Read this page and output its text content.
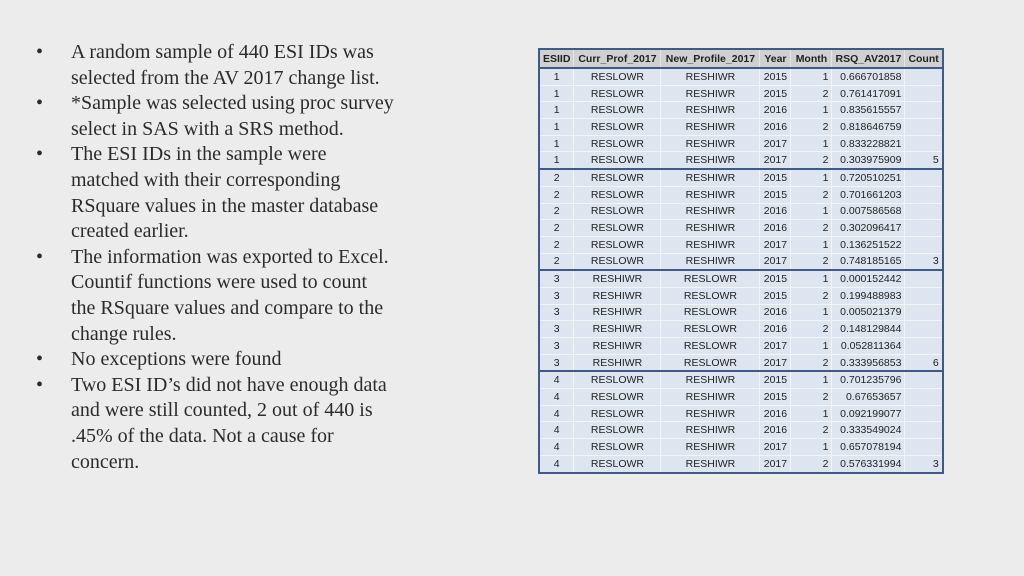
• A random sample of 440 ESI IDs was selected from the AV 2017 change list.
• *Sample was selected using proc survey select in SAS with a SRS method.
• The ESI IDs in the sample were matched with their corresponding RSquare values in the master database created earlier.
• The information was exported to Excel. Countif functions were used to count the RSquare values and compare to the change rules.
• No exceptions were found
• Two ESI ID’s did not have enough data and were still counted, 2 out of 440 is .45% of the data. Not a cause for concern.
ESIID	Curr_Prof_2017	New_Profile_2017	Year	Month	RSQ_AV2017	Count
1	RESLOWR	RESHIWR	2015	1	0.666701858	
1	RESLOWR	RESHIWR	2015	2	0.761417091	
1	RESLOWR	RESHIWR	2016	1	0.835615557	
1	RESLOWR	RESHIWR	2016	2	0.818646759	
1	RESLOWR	RESHIWR	2017	1	0.833228821	
1	RESLOWR	RESHIWR	2017	2	0.303975909	5
2	RESLOWR	RESHIWR	2015	1	0.720510251	
2	RESLOWR	RESHIWR	2015	2	0.701661203	
2	RESLOWR	RESHIWR	2016	1	0.007586568	
2	RESLOWR	RESHIWR	2016	2	0.302096417	
2	RESLOWR	RESHIWR	2017	1	0.136251522	
2	RESLOWR	RESHIWR	2017	2	0.748185165	3
3	RESHIWR	RESLOWR	2015	1	0.000152442	
3	RESHIWR	RESLOWR	2015	2	0.199488983	
3	RESHIWR	RESLOWR	2016	1	0.005021379	
3	RESHIWR	RESLOWR	2016	2	0.148129844	
3	RESHIWR	RESLOWR	2017	1	0.052811364	
3	RESHIWR	RESLOWR	2017	2	0.333956853	6
4	RESLOWR	RESHIWR	2015	1	0.701235796	
4	RESLOWR	RESHIWR	2015	2	0.67653657	
4	RESLOWR	RESHIWR	2016	1	0.092199077	
4	RESLOWR	RESHIWR	2016	2	0.333549024	
4	RESLOWR	RESHIWR	2017	1	0.657078194	
4	RESLOWR	RESHIWR	2017	2	0.576331994	3
